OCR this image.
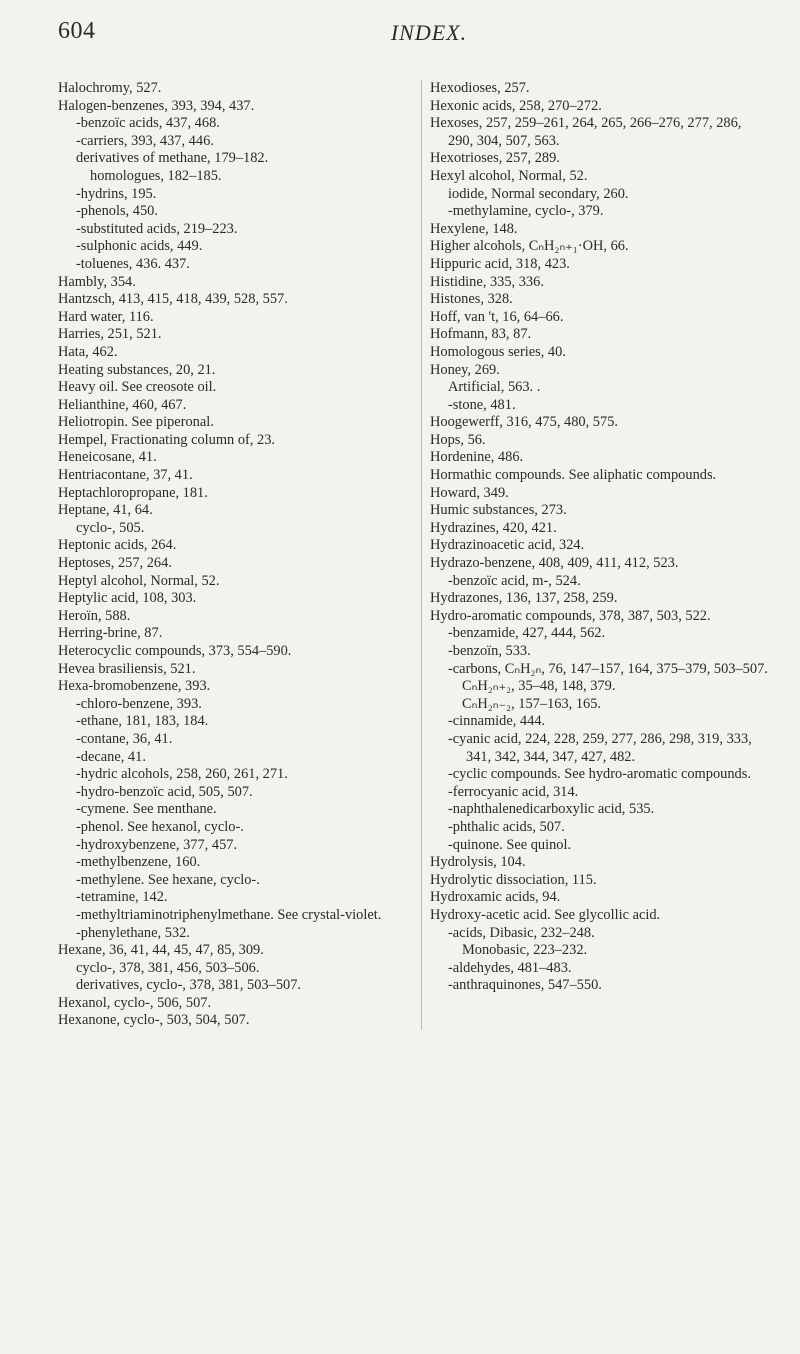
604	INDEX.
Halochromy, 527.
Halogen-benzenes, 393, 394, 437.
-benzoïc acids, 437, 468.
-carriers, 393, 437, 446.
derivatives of methane, 179–182.
homologues, 182–185.
-hydrins, 195.
-phenols, 450.
-substituted acids, 219–223.
-sulphonic acids, 449.
-toluenes, 436. 437.
Hambly, 354.
Hantzsch, 413, 415, 418, 439, 528, 557.
Hard water, 116.
Harries, 251, 521.
Hata, 462.
Heating substances, 20, 21.
Heavy oil. See creosote oil.
Helianthine, 460, 467.
Heliotropin. See piperonal.
Hempel, Fractionating column of, 23.
Heneicosane, 41.
Hentriacontane, 37, 41.
Heptachloropropane, 181.
Heptane, 41, 64.
cyclo-, 505.
Heptonic acids, 264.
Heptoses, 257, 264.
Heptyl alcohol, Normal, 52.
Heptylic acid, 108, 303.
Heroïn, 588.
Herring-brine, 87.
Heterocyclic compounds, 373, 554–590.
Hevea brasiliensis, 521.
Hexa-bromobenzene, 393.
-chloro-benzene, 393.
-ethane, 181, 183, 184.
-contane, 36, 41.
-decane, 41.
-hydric alcohols, 258, 260, 261, 271.
-hydro-benzoïc acid, 505, 507.
-cymene. See menthane.
-phenol. See hexanol, cyclo-.
-hydroxybenzene, 377, 457.
-methylbenzene, 160.
-methylene. See hexane, cyclo-.
-tetramine, 142.
-methyltriaminotriphenylmethane. See crystal-violet.
-phenylethane, 532.
Hexane, 36, 41, 44, 45, 47, 85, 309.
cyclo-, 378, 381, 456, 503–506.
derivatives, cyclo-, 378, 381, 503–507.
Hexanol, cyclo-, 506, 507.
Hexanone, cyclo-, 503, 504, 507.
Hexodioses, 257.
Hexonic acids, 258, 270–272.
Hexoses, 257, 259–261, 264, 265, 266–276, 277, 286, 290, 304, 507, 563.
Hexotrioses, 257, 289.
Hexyl alcohol, Normal, 52.
iodide, Normal secondary, 260.
-methylamine, cyclo-, 379.
Hexylene, 148.
Higher alcohols, CₙH₂ₙ₊₁·OH, 66.
Hippuric acid, 318, 423.
Histidine, 335, 336.
Histones, 328.
Hoff, van 't, 16, 64–66.
Hofmann, 83, 87.
Homologous series, 40.
Honey, 269.
Artificial, 563. .
-stone, 481.
Hoogewerff, 316, 475, 480, 575.
Hops, 56.
Hordenine, 486.
Hormathic compounds. See aliphatic compounds.
Howard, 349.
Humic substances, 273.
Hydrazines, 420, 421.
Hydrazinoacetic acid, 324.
Hydrazo-benzene, 408, 409, 411, 412, 523.
-benzoïc acid, m-, 524.
Hydrazones, 136, 137, 258, 259.
Hydro-aromatic compounds, 378, 387, 503, 522.
-benzamide, 427, 444, 562.
-benzoïn, 533.
-carbons, CₙH₂ₙ, 76, 147–157, 164, 375–379, 503–507.
CₙH₂ₙ₊₂, 35–48, 148, 379.
CₙH₂ₙ₋₂, 157–163, 165.
-cinnamide, 444.
-cyanic acid, 224, 228, 259, 277, 286, 298, 319, 333, 341, 342, 344, 347, 427, 482.
-cyclic compounds. See hydro-aromatic compounds.
-ferrocyanic acid, 314.
-naphthalenedicarboxylic acid, 535.
-phthalic acids, 507.
-quinone. See quinol.
Hydrolysis, 104.
Hydrolytic dissociation, 115.
Hydroxamic acids, 94.
Hydroxy-acetic acid. See glycollic acid.
-acids, Dibasic, 232–248.
Monobasic, 223–232.
-aldehydes, 481–483.
-anthraquinones, 547–550.
